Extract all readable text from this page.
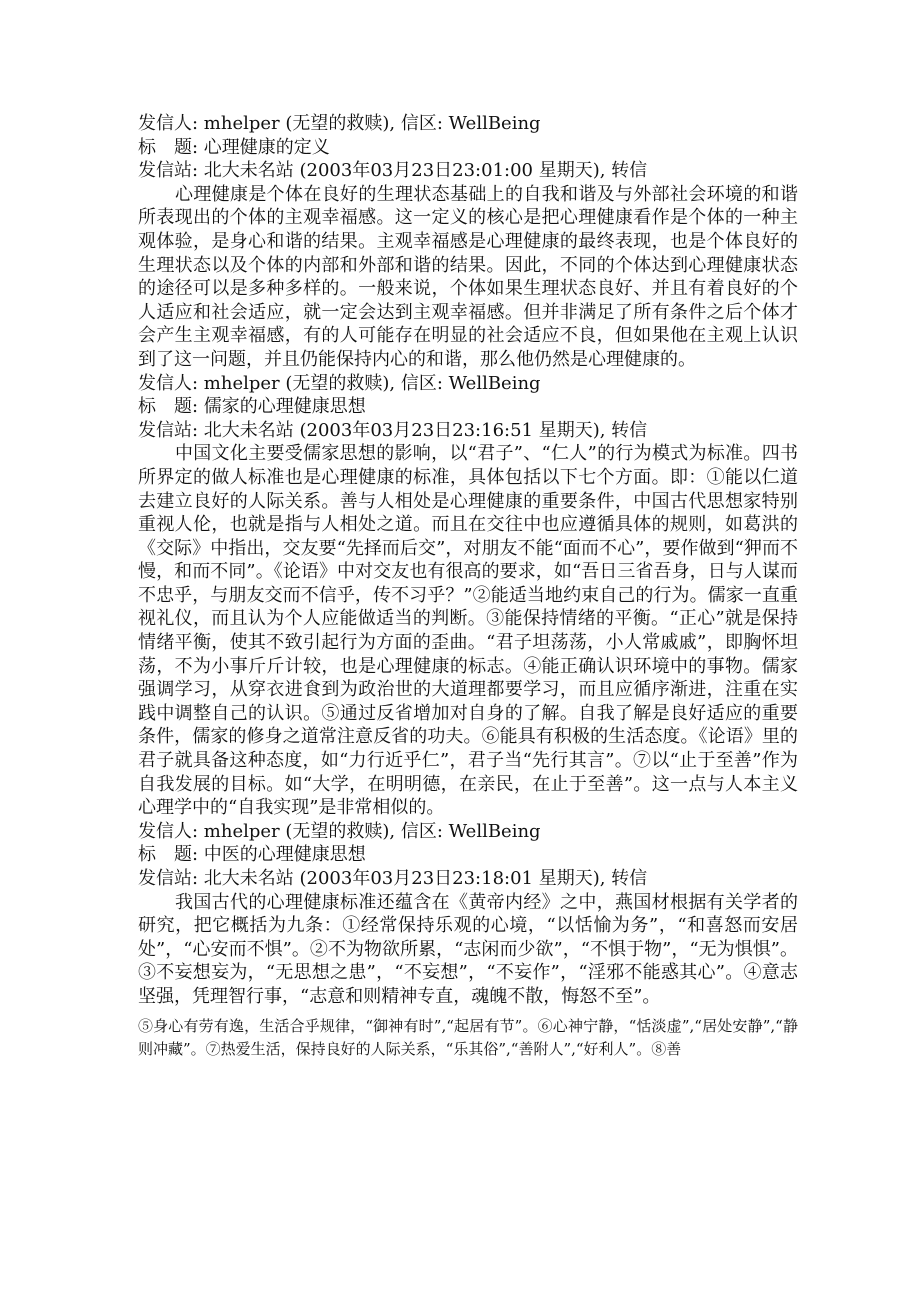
发信人: mhelper (无望的救赎), 信区: WellBeing
标　题: 心理健康的定义
发信站: 北大未名站 (2003年03月23日23:01:00 星期天), 转信

心理健康是个体在良好的生理状态基础上的自我和谐及与外部社会环境的和谐所表现出的个体的主观幸福感。这一定义的核心是把心理健康看作是个体的一种主观体验，是身心和谐的结果。主观幸福感是心理健康的最终表现，也是个体良好的生理状态以及个体的内部和外部和谐的结果。因此，不同的个体达到心理健康状态的途径可以是多种多样的。一般来说，个体如果生理状态良好、并且有着良好的个人适应和社会适应，就一定会达到主观幸福感。但并非满足了所有条件之后个体才会产生主观幸福感，有的人可能存在明显的社会适应不良，但如果他在主观上认识到了这一问题，并且仍能保持内心的和谐，那么他仍然是心理健康的。

发信人: mhelper (无望的救赎), 信区: WellBeing
标　题: 儒家的心理健康思想
发信站: 北大未名站 (2003年03月23日23:16:51 星期天), 转信

中国文化主要受儒家思想的影响，以“君子”、“仁人”的行为模式为标准。四书所界定的做人标准也是心理健康的标准，具体包括以下七个方面。即：①能以仁道去建立良好的人际关系。善与人相处是心理健康的重要条件，中国古代思想家特别重视人伦，也就是指与人相处之道。而且在交往中也应遵循具体的规则，如葛洪的《交际》中指出，交友要“先择而后交”，对朋友不能“面而不心”，要作做到“狎而不慢，和而不同”。《论语》中对交友也有很高的要求，如“吾日三省吾身，日与人谋而不忠乎，与朋友交而不信乎，传不习乎？”②能适当地约束自己的行为。儒家一直重视礼仪，而且认为个人应能做适当的判断。③能保持情绪的平衡。“正心”就是保持情绪平衡，使其不致引起行为方面的歪曲。“君子坦荡荡，小人常戚戚”，即胸怀坦荡，不为小事斤斤计较，也是心理健康的标志。④能正确认识环境中的事物。儒家强调学习，从穿衣进食到为政治世的大道理都要学习，而且应循序渐进，注重在实践中调整自己的认识。⑤通过反省增加对自身的了解。自我了解是良好适应的重要条件，儒家的修身之道常注意反省的功夫。⑥能具有积极的生活态度。《论语》里的君子就具备这种态度，如“力行近乎仁”，君子当“先行其言”。⑦以“止于至善”作为自我发展的目标。如“大学，在明明德，在亲民，在止于至善”。这一点与人本主义心理学中的“自我实现”是非常相似的。

发信人: mhelper (无望的救赎), 信区: WellBeing
标　题: 中医的心理健康思想
发信站: 北大未名站 (2003年03月23日23:18:01 星期天), 转信

我国古代的心理健康标准还蕴含在《黄帝内经》之中，燕国材根据有关学者的研究，把它概括为九条：①经常保持乐观的心境，“以恬愉为务”，“和喜怒而安居处”，“心安而不惧”。②不为物欲所累，“志闲而少欲”，“不惧于物”，“无为惧惧”。③不妄想妄为，“无思想之患”，“不妄想”，“不妄作”，“淫邪不能惑其心”。④意志坚强，凭理智行事，“志意和则精神专直，魂魄不散，悔怒不至”。

⑤身心有劳有逸，生活合乎规律，“御神有时”,“起居有节”。⑥心神宁静，“恬淡虚”,“居处安静”,“静则冲藏”。⑦热爱生活，保持良好的人际关系，“乐其俗”,“善附人”,“好利人”。⑧善
